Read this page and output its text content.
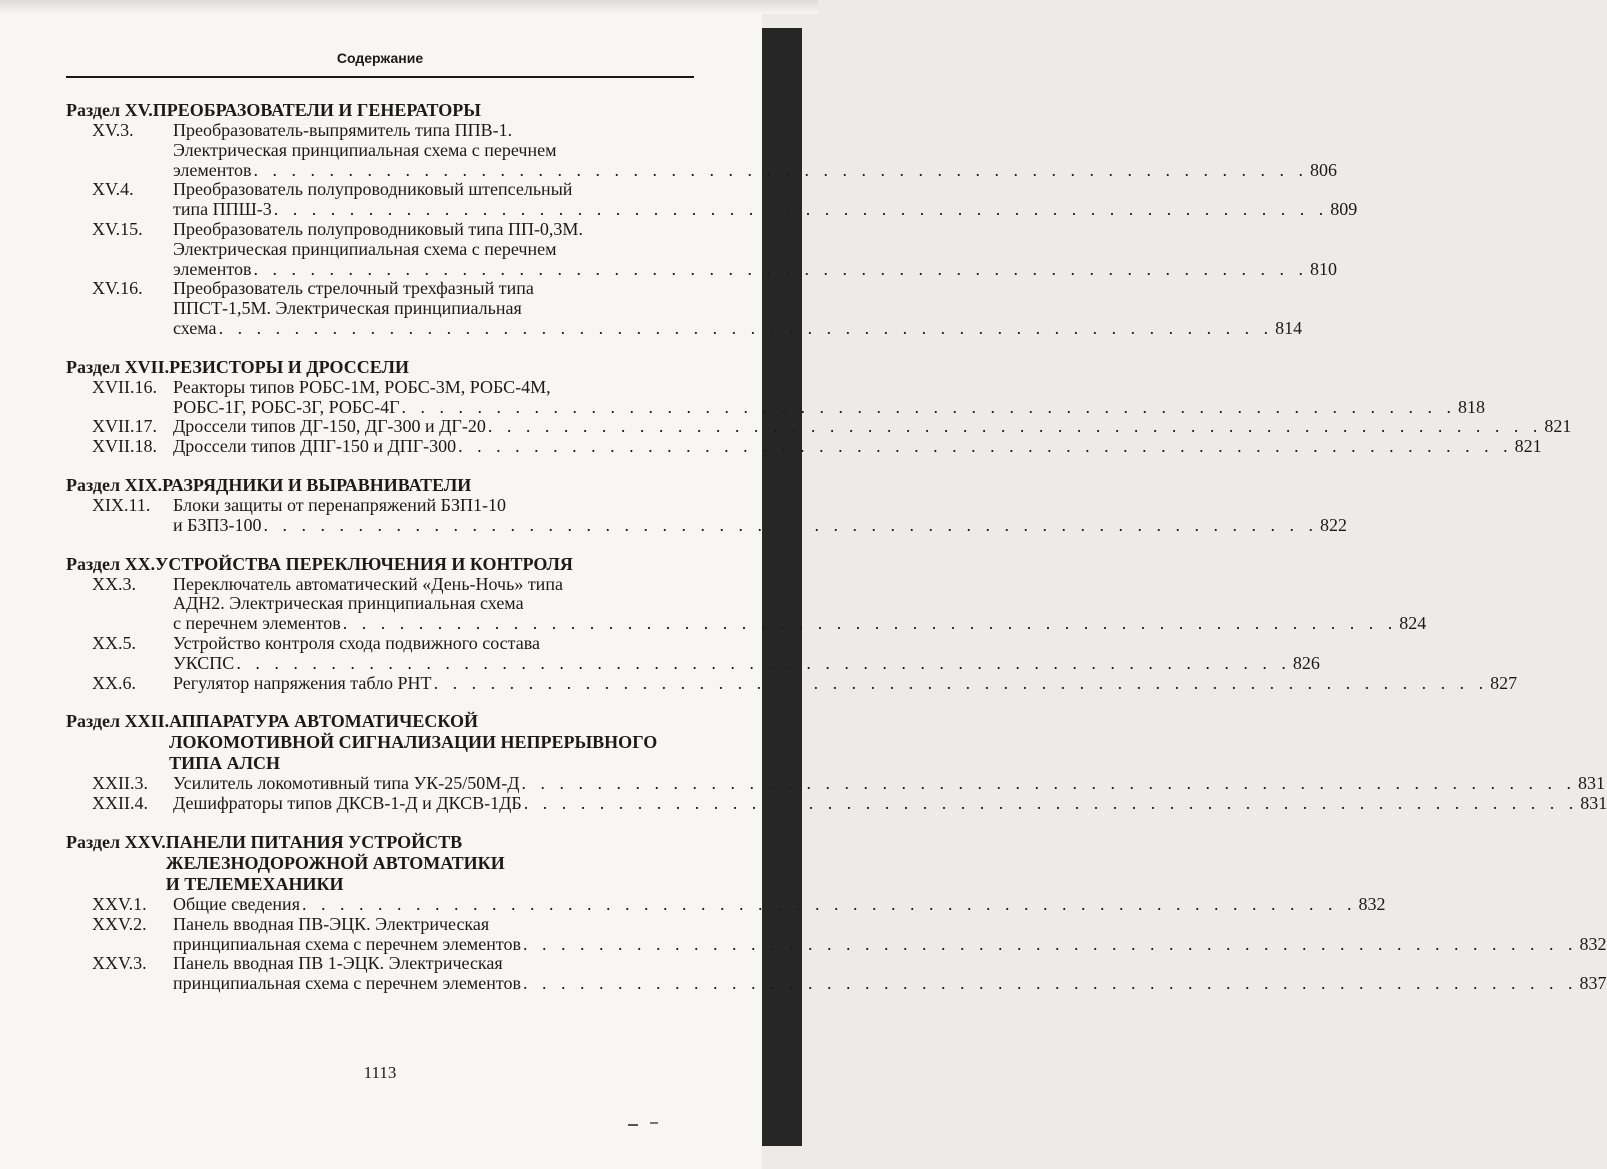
Содержание
Раздел XV. ПРЕОБРАЗОВАТЕЛИ И ГЕНЕРАТОРЫ
XV.3.	Преобразователь-выпрямитель типа ППВ-1.
Электрическая принципиальная схема с перечнем
элементов . . .	806
XV.4.	Преобразователь полупроводниковый штепсельный
типа ППШ-3 . . .	809
XV.15.	Преобразователь полупроводниковый типа ПП-0,3М.
Электрическая принципиальная схема с перечнем
элементов . . .	810
XV.16.	Преобразователь стрелочный трехфазный типа
ППСТ-1,5М. Электрическая принципиальная
схема . . .	814
Раздел XVII. РЕЗИСТОРЫ И ДРОССЕЛИ
XVII.16. Реакторы типов РОБС-1М, РОБС-3М, РОБС-4М,
РОБС-1Г, РОБС-3Г, РОБС-4Г . . .	818
XVII.17. Дроссели типов ДГ-150, ДГ-300 и ДГ-20 . . .	821
XVII.18. Дроссели типов ДПГ-150 и ДПГ-300 . . .	821
Раздел XIX. РАЗРЯДНИКИ И ВЫРАВНИВАТЕЛИ
XIX.11.	Блоки защиты от перенапряжений БЗП1-10
и БЗП3-100 . . .	822
Раздел XX. УСТРОЙСТВА ПЕРЕКЛЮЧЕНИЯ И КОНТРОЛЯ
XX.3.	Переключатель автоматический «День-Ночь» типа
АДН2. Электрическая принципиальная схема
с перечнем элементов . . .	824
XX.5.	Устройство контроля схода подвижного состава
УКСПС . . .	826
XX.6.	Регулятор напряжения табло РНТ . . .	827
Раздел XXII. АППАРАТУРА АВТОМАТИЧЕСКОЙ
ЛОКОМОТИВНОЙ СИГНАЛИЗАЦИИ НЕПРЕРЫВНОГО
ТИПА АЛСН
XXII.3.	Усилитель локомотивный типа УК-25/50М-Д . . .	831
XXII.4.	Дешифраторы типов ДКСВ-1-Д и ДКСВ-1ДБ . . .	831
Раздел XXV. ПАНЕЛИ ПИТАНИЯ УСТРОЙСТВ
ЖЕЛЕЗНОДОРОЖНОЙ АВТОМАТИКИ
И ТЕЛЕМЕХАНИКИ
XXV.1.	Общие сведения . . .	832
XXV.2.	Панель вводная ПВ-ЭЦК. Электрическая
принципиальная схема с перечнем элементов . . .	832
XXV.3.	Панель вводная ПВ 1-ЭЦК. Электрическая
принципиальная схема с перечнем элементов . . .	837
1113
